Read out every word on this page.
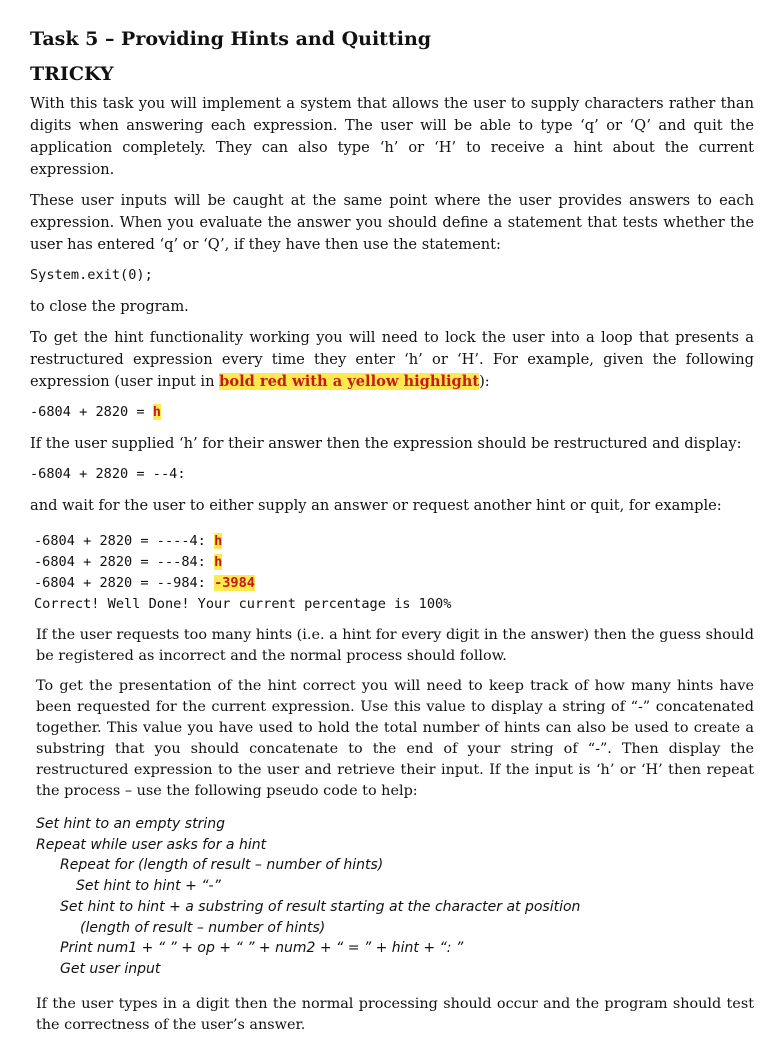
Task 5 – Providing Hints and Quitting
TRICKY

With this task you will implement a system that allows the user to supply characters rather than digits when answering each expression. The user will be able to type ‘q’ or ‘Q’ and quit the application completely. They can also type ‘h’ or ‘H’ to receive a hint about the current expression.

These user inputs will be caught at the same point where the user provides answers to each expression. When you evaluate the answer you should define a statement that tests whether the user has entered ‘q’ or ‘Q’, if they have then use the statement:

System.exit(0);

to close the program.

To get the hint functionality working you will need to lock the user into a loop that presents a restructured expression every time they enter ‘h’ or ‘H’. For example, given the following expression (user input in bold red with a yellow highlight):

-6804 + 2820 = h

If the user supplied ‘h’ for their answer then the expression should be restructured and display:

-6804 + 2820 = --4:

and wait for the user to either supply an answer or request another hint or quit, for example:

-6804 + 2820 = ----4: h
-6804 + 2820 = ---84: h
-6804 + 2820 = --984: -3984
Correct! Well Done! Your current percentage is 100%

If the user requests too many hints (i.e. a hint for every digit in the answer) then the guess should be registered as incorrect and the normal process should follow.

To get the presentation of the hint correct you will need to keep track of how many hints have been requested for the current expression. Use this value to display a string of “-” concatenated together. This value you have used to hold the total number of hints can also be used to create a substring that you should concatenate to the end of your string of “-”. Then display the restructured expression to the user and retrieve their input. If the input is ‘h’ or ‘H’ then repeat the process – use the following pseudo code to help:

Set hint to an empty string
Repeat while user asks for a hint
Repeat for (length of result – number of hints)
Set hint to hint + “-”
Set hint to hint + a substring of result starting at the character at position
(length of result – number of hints)
Print num1 + “ ” + op + “ ” + num2 + “ = ” + hint + “: ”
Get user input

If the user types in a digit then the normal processing should occur and the program should test the correctness of the user’s answer.
